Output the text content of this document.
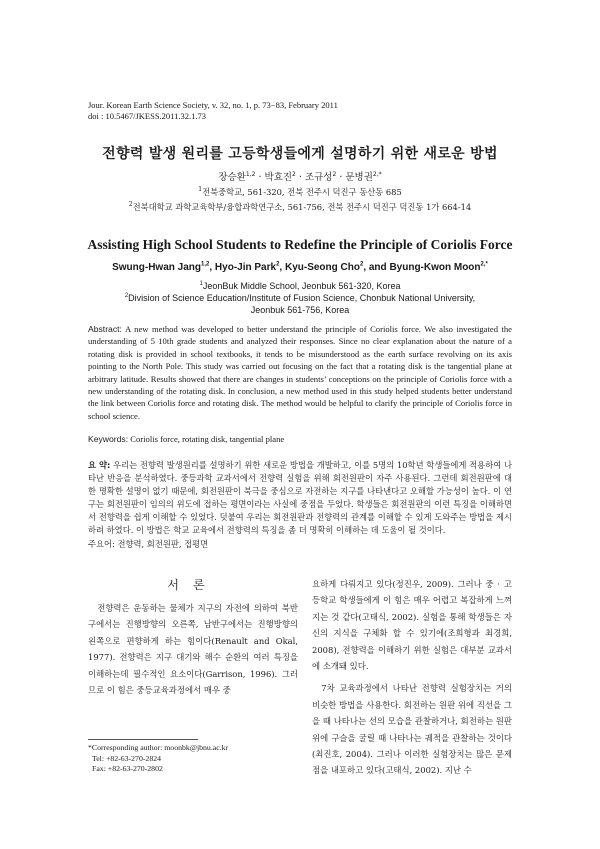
Jour. Korean Earth Science Society, v. 32, no. 1, p. 73−83, February 2011
doi : 10.5467/JKESS.2011.32.1.73
전향력 발생 원리를 고등학생들에게 설명하기 위한 새로운 방법
장승환$^{1,2}$ · 박효진$^2$ · 조규성$^2$ · 문병권$^{2,*}$
$^1$전북중학교, 561-320, 전북 전주시 덕진구 동산동 685
$^2$전북대학교 과학교육학부/융합과학연구소, 561-756, 전북 전주시 덕진구 덕진동 1가 664-14
Assisting High School Students to Redefine the Principle of Coriolis Force
Swung-Hwan Jang$^{1,2}$, Hyo-Jin Park$^2$, Kyu-Seong Cho$^2$, and Byung-Kwon Moon$^{2,*}$
$^1$JeonBuk Middle School, Jeonbuk 561-320, Korea
$^2$Division of Science Education/Institute of Fusion Science, Chonbuk National University,
Jeonbuk 561-756, Korea
Abstract: A new method was developed to better understand the principle of Coriolis force. We also investigated the understanding of 5 10th grade students and analyzed their responses. Since no clear explanation about the nature of a rotating disk is provided in school textbooks, it tends to be misunderstood as the earth surface revolving on its axis pointing to the North Pole. This study was carried out focusing on the fact that a rotating disk is the tangential plane at arbitrary latitude. Results showed that there are changes in students’ conceptions on the principle of Coriolis force with a new understanding of the rotating disk. In conclusion, a new method used in this study helped students better understand the link between Coriolis force and rotating disk. The method would be helpful to clarify the principle of Coriolis force in school science.
Keywords: Coriolis force, rotating disk, tangential plane
요 약: 우리는 전향력 발생원리를 설명하기 위한 새로운 방법을 개발하고, 이를 5명의 10학년 학생들에게 적용하여 나타난 반응을 분석하였다. 중등과학 교과서에서 전향력 실험을 위해 회전원판이 자주 사용된다. 그런데 회전원판에 대한 명확한 설명이 없기 때문에, 회전원판이 북극을 중심으로 자전하는 지구를 나타낸다고 오해할 가능성이 높다. 이 연구는 회전원판이 임의의 위도에 접하는 평면이라는 사실에 중점을 두었다. 학생들은 회전원판의 이런 특징을 이해하면서 전향력을 쉽게 이해할 수 있었다. 덧붙여 우리는 회전원판과 전향력의 관계를 이해할 수 있게 도와주는 방법을 제시하려 하였다. 이 방법은 학교 교육에서 전향력의 특징을 좀 더 명확히 이해하는 데 도움이 될 것이다.
주요어: 전향력, 회전원판, 접평면
서론
전향력은 운동하는 물체가 지구의 자전에 의하여 북반구에서는 진행방향의 오른쪽, 남반구에서는 진행방향의 왼쪽으로 편향하게 하는 힘이다(Renault and Okal, 1977). 전향력은 지구 대기와 해수 순환의 여러 특징을 이해하는데 필수적인 요소이다(Garrison, 1996). 그러므로 이 힘은 중등교육과정에서 매우 중
요하게 다뤄지고 있다(정진우, 2009). 그러나 중 · 고등학교 학생들에게 이 힘은 매우 어렵고 복잡하게 느껴지는 것 같다(고태식, 2002). 실험을 통해 학생들은 자신의 지식을 구체화 할 수 있기에(조희형과 최경희, 2008), 전향력을 이해하기 위한 실험은 대부분 교과서에 소개돼 있다.
7차 교육과정에서 나타난 전향력 실험장치는 거의 비슷한 방법을 사용한다. 회전하는 원판 위에 직선을 그을 때 나타나는 선의 모습을 관찰하거나, 회전하는 원판 위에 구슬을 굴릴 때 나타나는 궤적을 관찰하는 것이다(최진호, 2004). 그러나 이러한 실험장치는 많은 문제점을 내포하고 있다(고태식, 2002). 지난 수
*Corresponding author: moonbk@jbnu.ac.kr
Tel: +82-63-270-2824
Fax: +82-63-270-2802
